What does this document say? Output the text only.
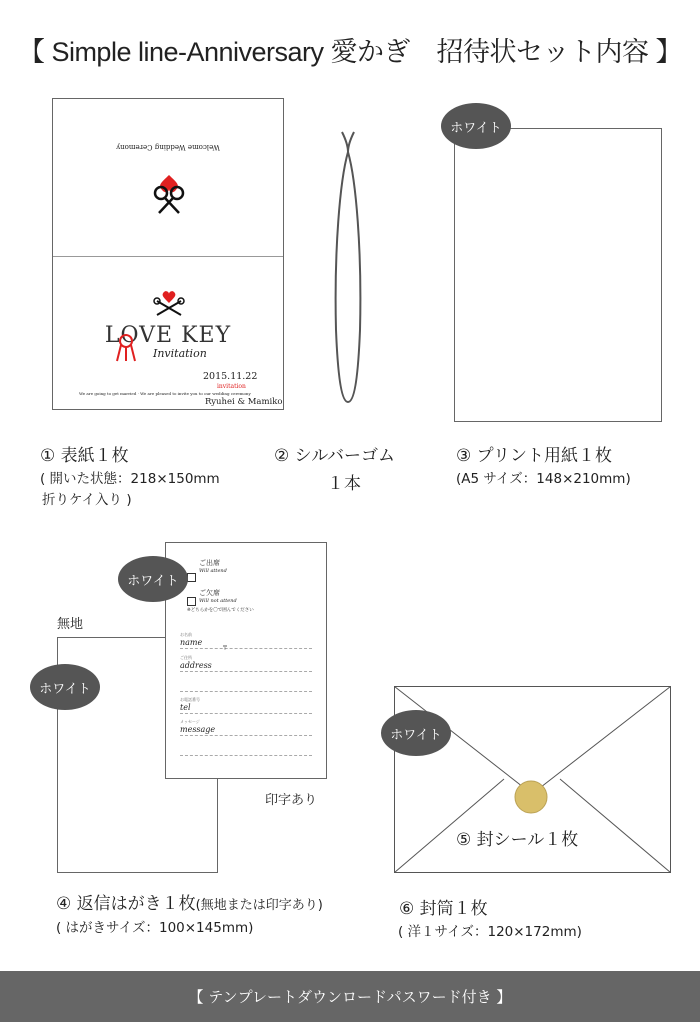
【 Simple line-Anniversary 愛かぎ　招待状セット内容 】
Welcome Wedding Ceremony
LOVE KEY
Invitation
2015.11.22
invitation
We are going to get married · We are pleased to invite you to our wedding ceremony
Ryuhei & Mamiko
① 表紙１枚
( 開いた状態：218×150mm
折りケイ入り )
② シルバーゴム
１本
ホワイト
③ プリント用紙１枚
(A5 サイズ：148×210mm)
無地
ご出席
Will attend
ご欠席
Will not attend
※どちらかを〇で囲んでください
お名前
name
〒
ご住所
address
お電話番号
tel
メッセージ
message
ホワイト
ホワイト
印字あり
④ 返信はがき１枚(無地または印字あり)
( はがきサイズ：100×145mm)
ホワイト
⑤ 封シール１枚
⑥ 封筒１枚
( 洋１サイズ：120×172mm)
【 テンプレートダウンロードパスワード付き 】
